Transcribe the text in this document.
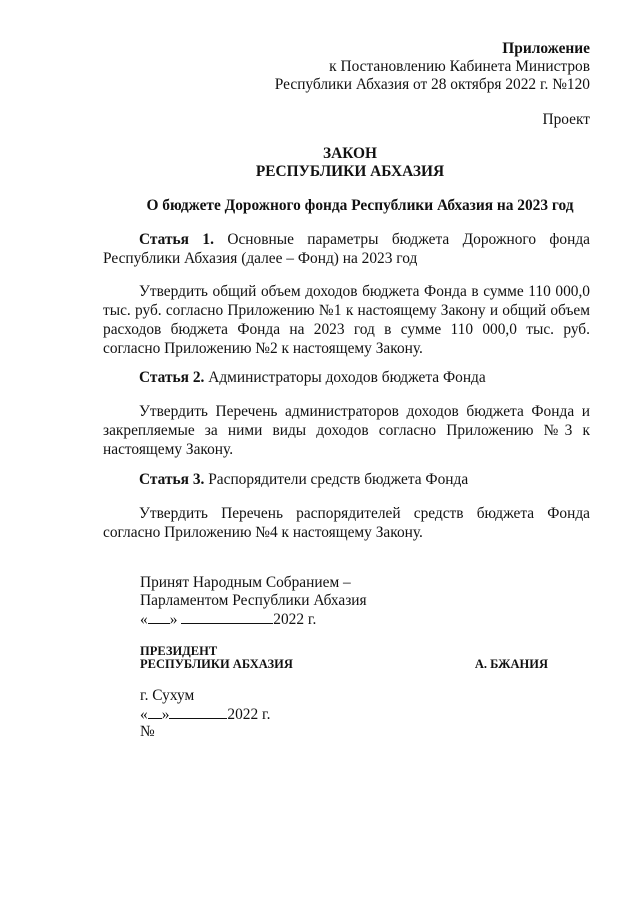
Приложение
к Постановлению Кабинета Министров
Республики Абхазия от 28 октября 2022 г. №120
Проект
ЗАКОН
РЕСПУБЛИКИ АБХАЗИЯ
О бюджете Дорожного фонда Республики Абхазия на 2023 год
Статья 1. Основные параметры бюджета Дорожного фонда Республики Абхазия (далее – Фонд) на 2023 год
Утвердить общий объем доходов бюджета Фонда в сумме 110 000,0 тыс. руб. согласно Приложению №1 к настоящему Закону и общий объем расходов бюджета Фонда на 2023 год в сумме 110 000,0 тыс. руб. согласно Приложению №2 к настоящему Закону.
Статья 2. Администраторы доходов бюджета Фонда
Утвердить Перечень администраторов доходов бюджета Фонда и закрепляемые за ними виды доходов согласно Приложению №3 к настоящему Закону.
Статья 3. Распорядители средств бюджета Фонда
Утвердить Перечень распорядителей средств бюджета Фонда согласно Приложению №4 к настоящему Закону.
Принят Народным Собранием –
Парламентом Республики Абхазия
« »	2022 г.
ПРЕЗИДЕНТ
РЕСПУБЛИКИ АБХАЗИЯ	А. БЖАНИЯ
г. Сухум
« »	2022 г.
№
